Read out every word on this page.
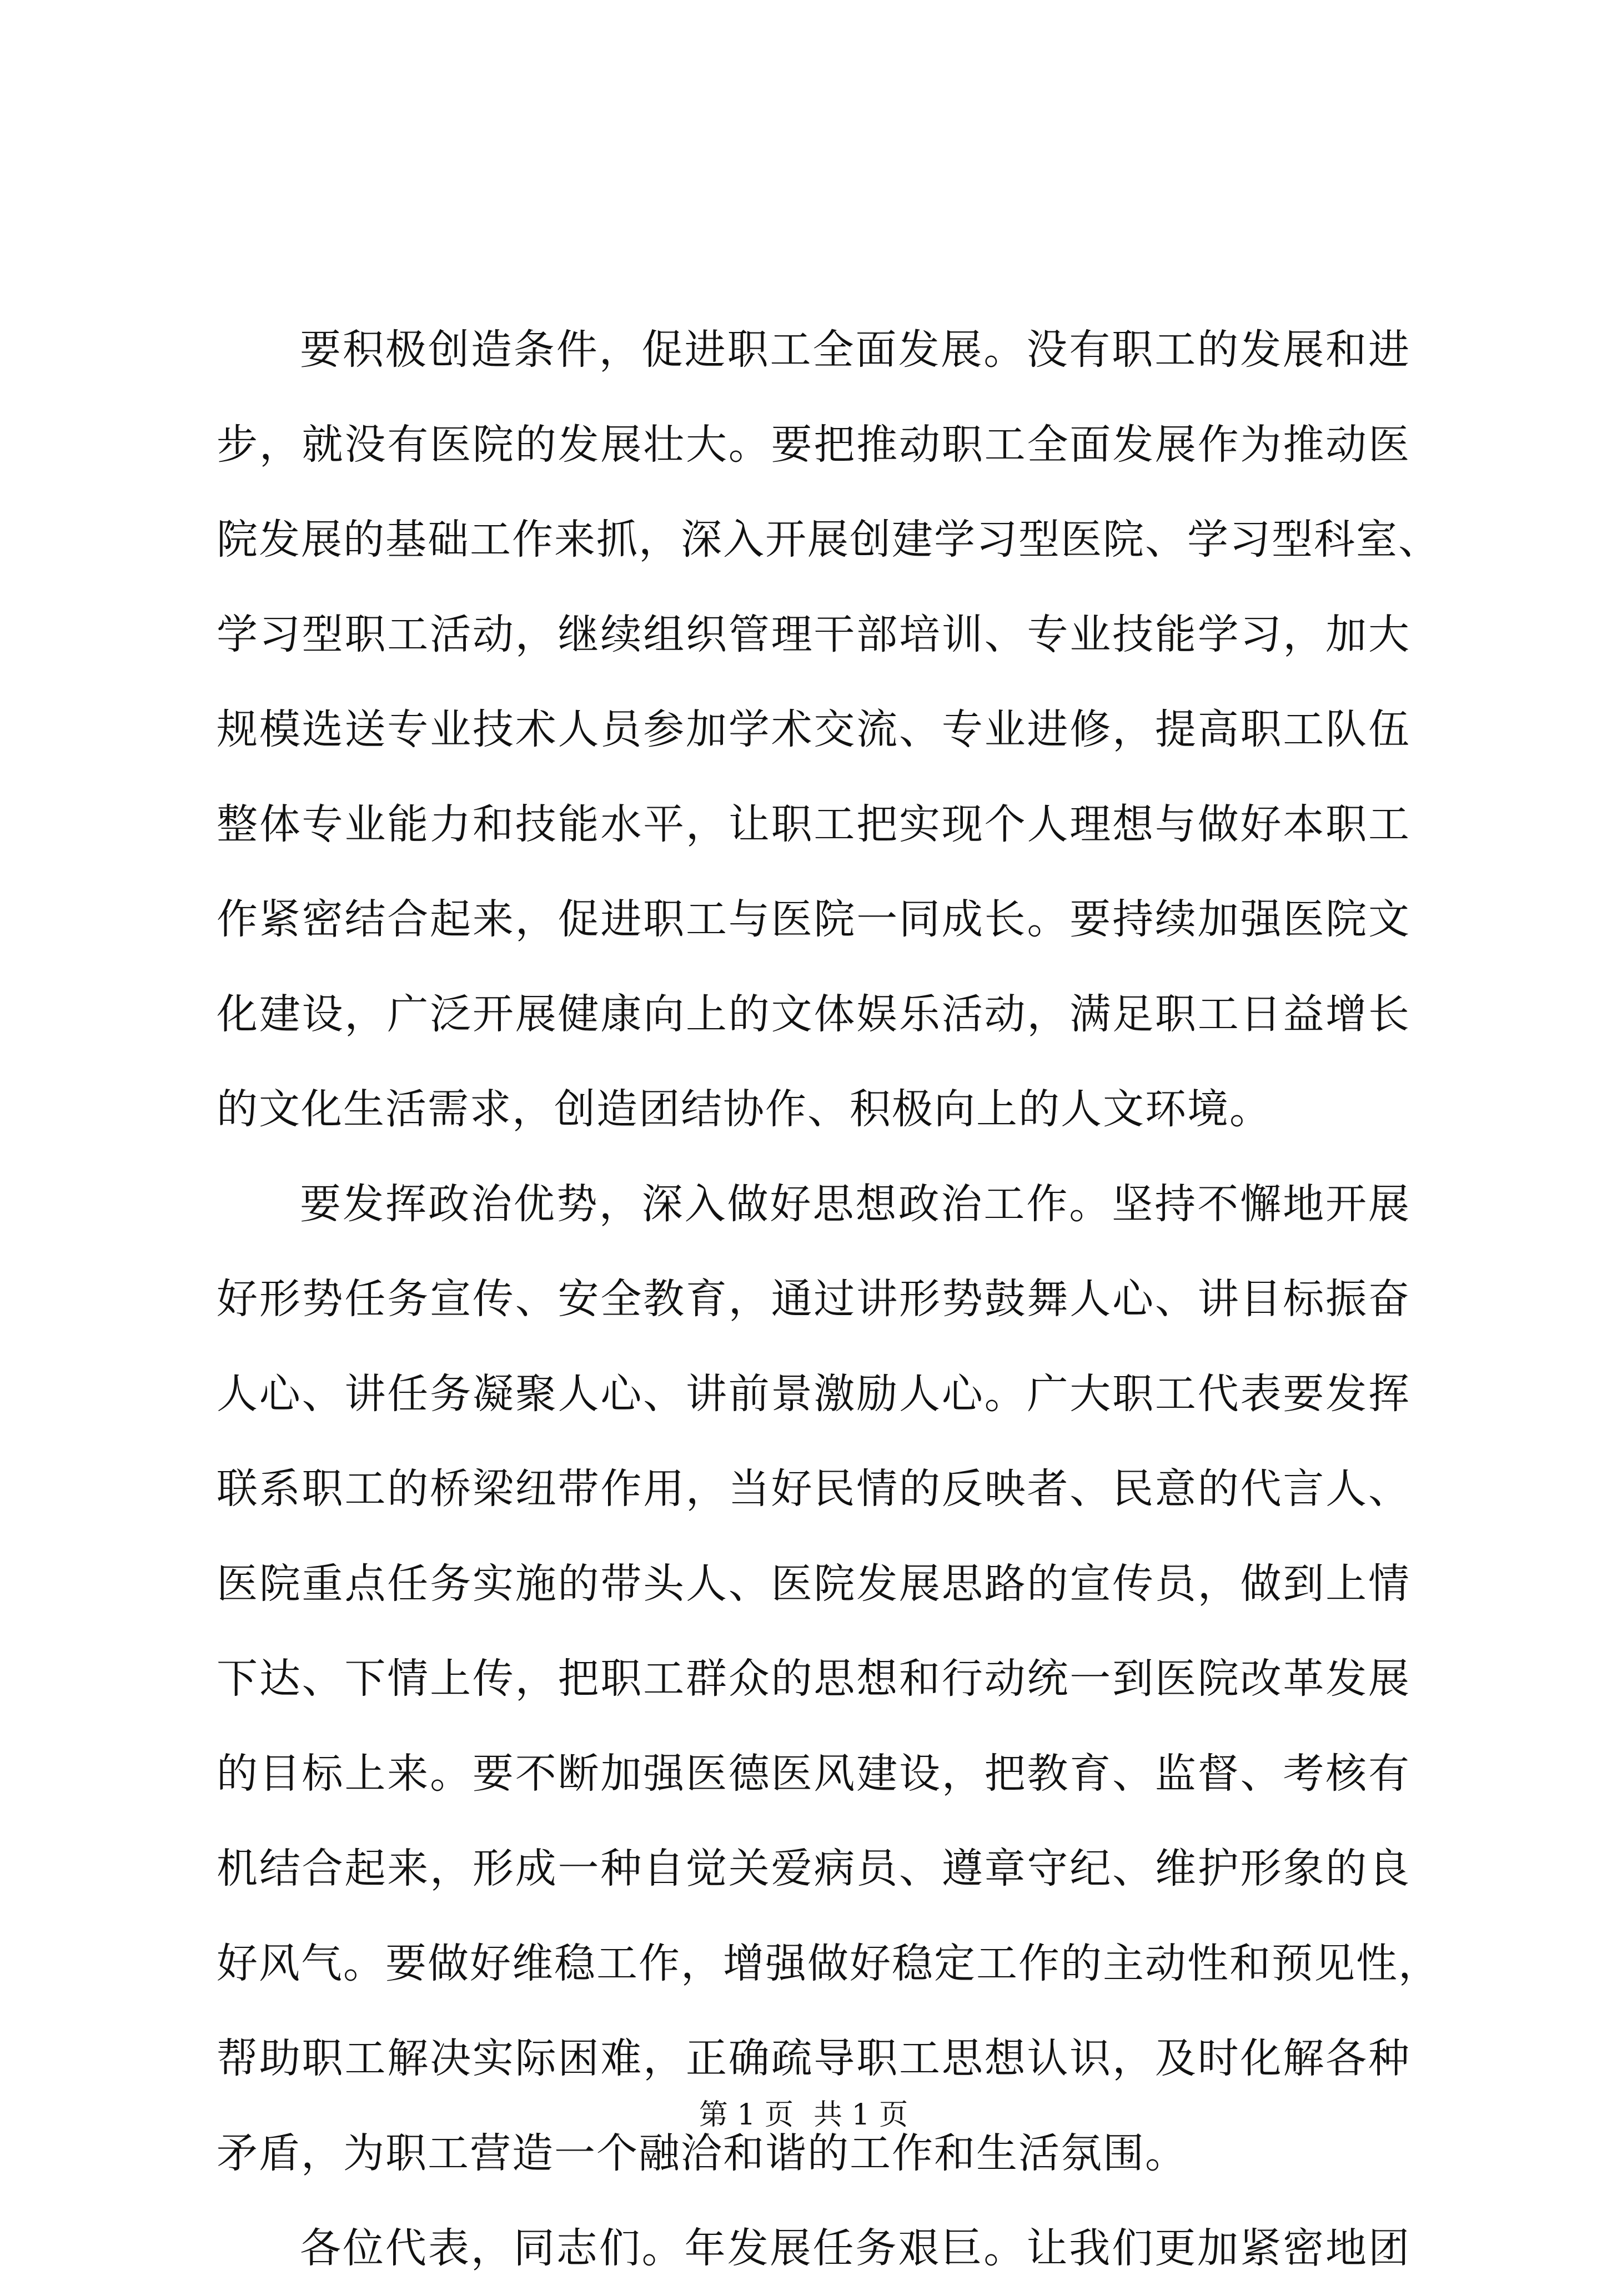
要积极创造条件，促进职工全面发展。没有职工的发展和进
步，就没有医院的发展壮大。要把推动职工全面发展作为推动医
院发展的基础工作来抓，深入开展创建学习型医院、学习型科室、
学习型职工活动，继续组织管理干部培训、专业技能学习，加大
规模选送专业技术人员参加学术交流、专业进修，提高职工队伍
整体专业能力和技能水平，让职工把实现个人理想与做好本职工
作紧密结合起来，促进职工与医院一同成长。要持续加强医院文
化建设，广泛开展健康向上的文体娱乐活动，满足职工日益增长
的文化生活需求，创造团结协作、积极向上的人文环境。
要发挥政治优势，深入做好思想政治工作。坚持不懈地开展
好形势任务宣传、安全教育，通过讲形势鼓舞人心、讲目标振奋
人心、讲任务凝聚人心、讲前景激励人心。广大职工代表要发挥
联系职工的桥梁纽带作用，当好民情的反映者、民意的代言人、
医院重点任务实施的带头人、医院发展思路的宣传员，做到上情
下达、下情上传，把职工群众的思想和行动统一到医院改革发展
的目标上来。要不断加强医德医风建设，把教育、监督、考核有
机结合起来，形成一种自觉关爱病员、遵章守纪、维护形象的良
好风气。要做好维稳工作，增强做好稳定工作的主动性和预见性，
帮助职工解决实际困难，正确疏导职工思想认识，及时化解各种
矛盾，为职工营造一个融洽和谐的工作和生活氛围。
各位代表，同志们。年发展任务艰巨。让我们更加紧密地团
第 1 页 共 1 页
